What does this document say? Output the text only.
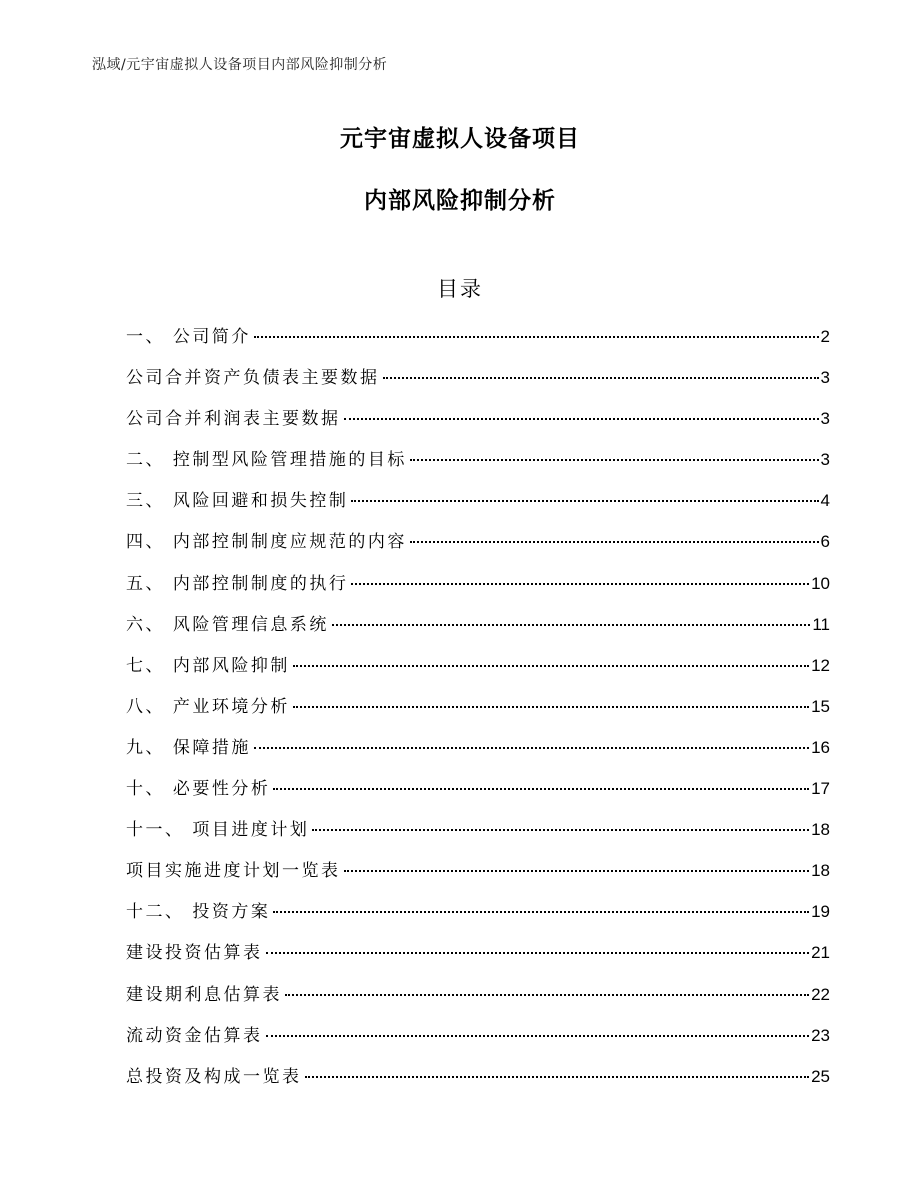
泓域/元宇宙虚拟人设备项目内部风险抑制分析
元宇宙虚拟人设备项目
内部风险抑制分析
目录
一、 公司简介	2
公司合并资产负债表主要数据	3
公司合并利润表主要数据	3
二、 控制型风险管理措施的目标	3
三、 风险回避和损失控制	4
四、 内部控制制度应规范的内容	6
五、 内部控制制度的执行	10
六、 风险管理信息系统	11
七、 内部风险抑制	12
八、 产业环境分析	15
九、 保障措施	16
十、 必要性分析	17
十一、 项目进度计划	18
项目实施进度计划一览表	18
十二、 投资方案	19
建设投资估算表	21
建设期利息估算表	22
流动资金估算表	23
总投资及构成一览表	25
